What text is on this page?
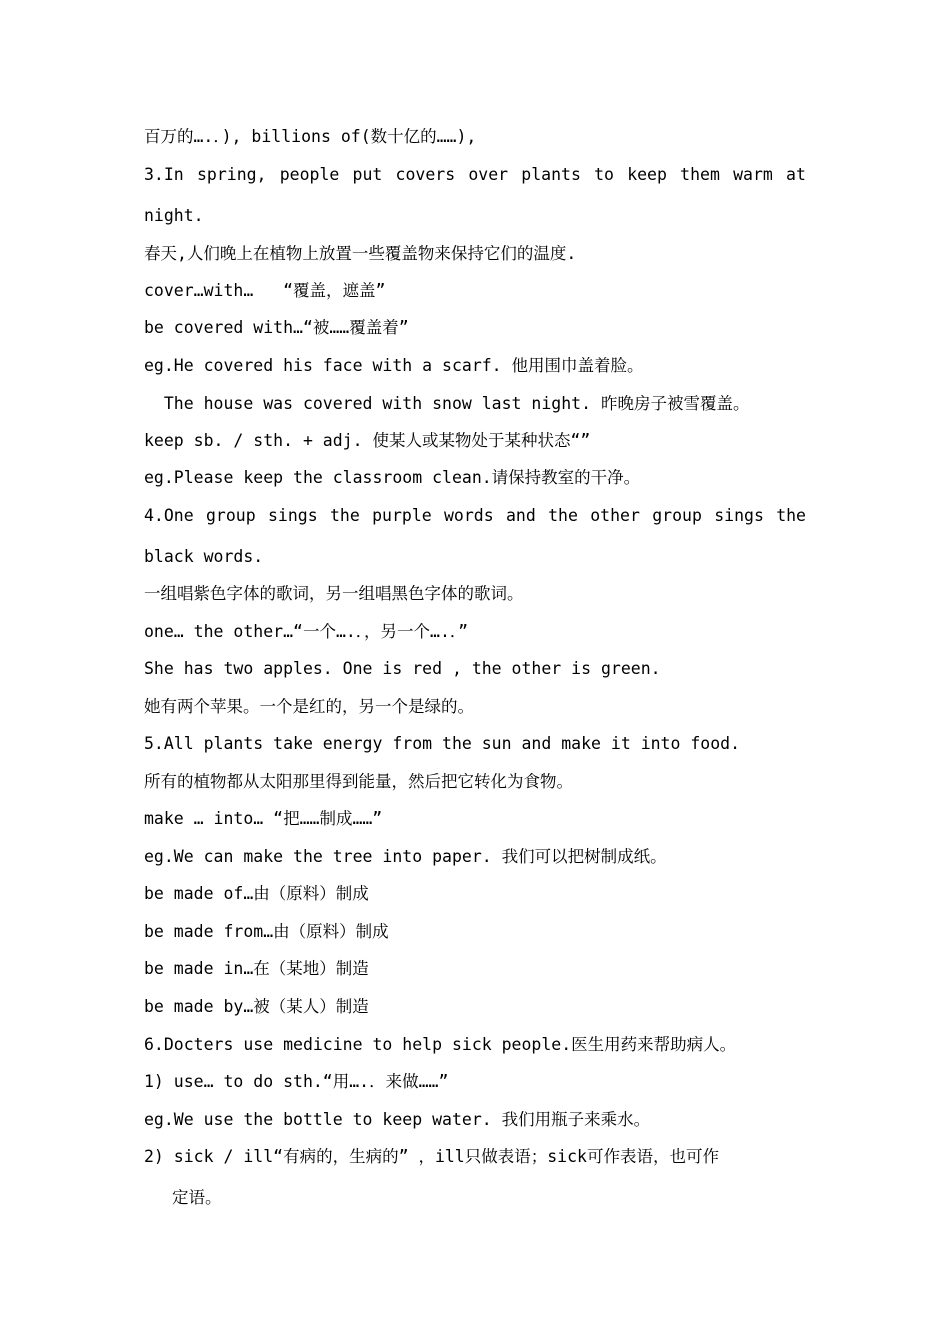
百万的….．), billions of(数十亿的……),
3.In spring, people put covers over plants to keep them warm at
night.
春天,人们晚上在植物上放置一些覆盖物来保持它们的温度.
cover…with…   “覆盖，遮盖”
be covered with…“被……覆盖着”
eg.He covered his face with a scarf. 他用围巾盖着脸。
The house was covered with snow last night. 昨晚房子被雪覆盖。
keep sb. / sth. + adj. 使某人或某物处于某种状态“”
eg.Please keep the classroom clean.请保持教室的干净。
4.One group sings the purple words and the other group sings the
black words.
一组唱紫色字体的歌词，另一组唱黑色字体的歌词。
one… the other…“一个….．，另一个….．”
She has two apples. One is red , the other is green.
她有两个苹果。一个是红的，另一个是绿的。
5.All plants take energy from the sun and make it into food.
所有的植物都从太阳那里得到能量，然后把它转化为食物。
make … into… “把……制成……”
eg.We can make the tree into paper. 我们可以把树制成纸。
be made of…由（原料）制成
be made from…由（原料）制成
be made in…在（某地）制造
be made by…被（某人）制造
6.Docters use medicine to help sick people.医生用药来帮助病人。
1) use… to do sth.“用….．来做……”
eg.We use the bottle to keep water. 我们用瓶子来乘水。
2) sick / ill“有病的，生病的” ，ill只做表语；sick可作表语，也可作
定语。
